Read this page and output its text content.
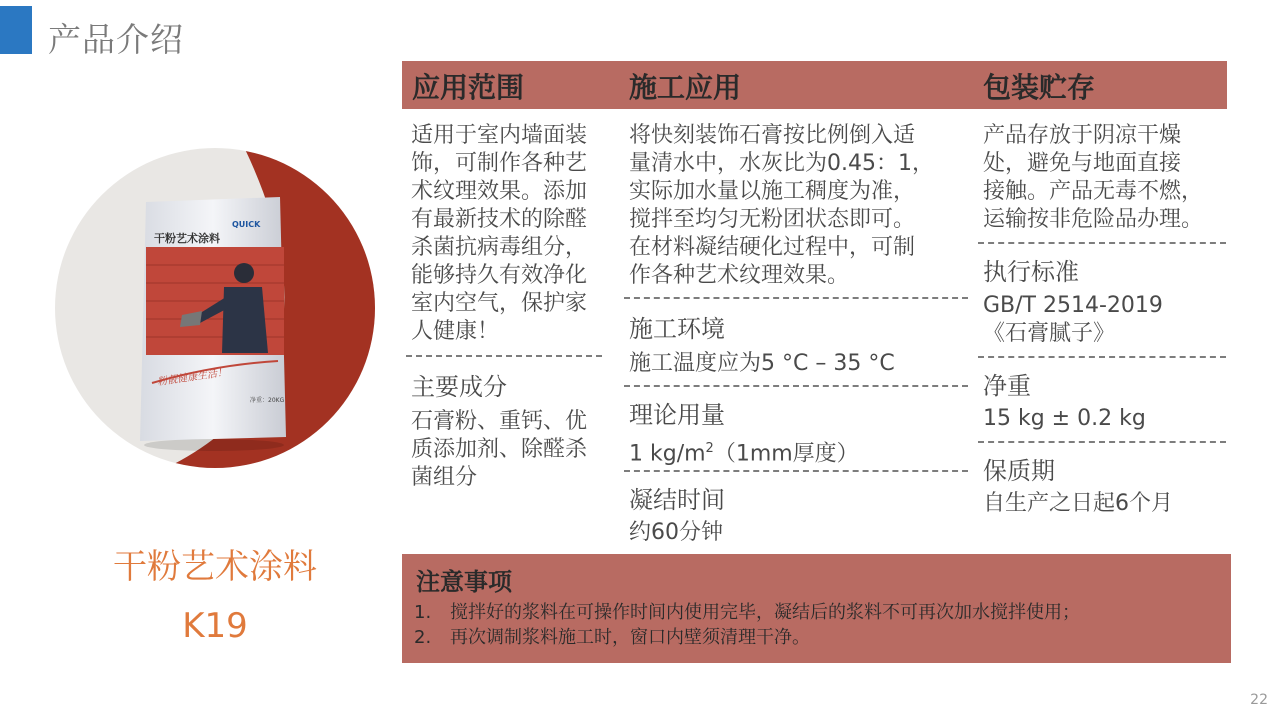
产品介绍
干粉艺术涂料
QUICK
粉靓健康生活！
净重：20KG
干粉艺术涂料
K19
应用范围	施工应用	包装贮存
适用于室内墙面装
饰，可制作各种艺
术纹理效果。添加
有最新技术的除醛
杀菌抗病毒组分，
能够持久有效净化
室内空气，保护家
人健康！
主要成分
石膏粉、重钙、优
质添加剂、除醛杀
菌组分
将快刻装饰石膏按比例倒入适
量清水中，水灰比为0.45：1，
实际加水量以施工稠度为准，
搅拌至均匀无粉团状态即可。
在材料凝结硬化过程中，可制
作各种艺术纹理效果。
施工环境
施工温度应为5 °C – 35 °C
理论用量
1 $kg/m^2(1mm$厚度）
凝结时间
约60分钟
产品存放于阴凉干燥
处，避免与地面直接
接触。产品无毒不燃，
运输按非危险品办理。
执行标准
GB/T 2514-2019
《石膏腻子》
净重
15 kg ± 0.2 kg
保质期
自生产之日起6个月
注意事项
1. 搅拌好的浆料在可操作时间内使用完毕，凝结后的浆料不可再次加水搅拌使用；
2. 再次调制浆料施工时，窗口内壁须清理干净。
22
